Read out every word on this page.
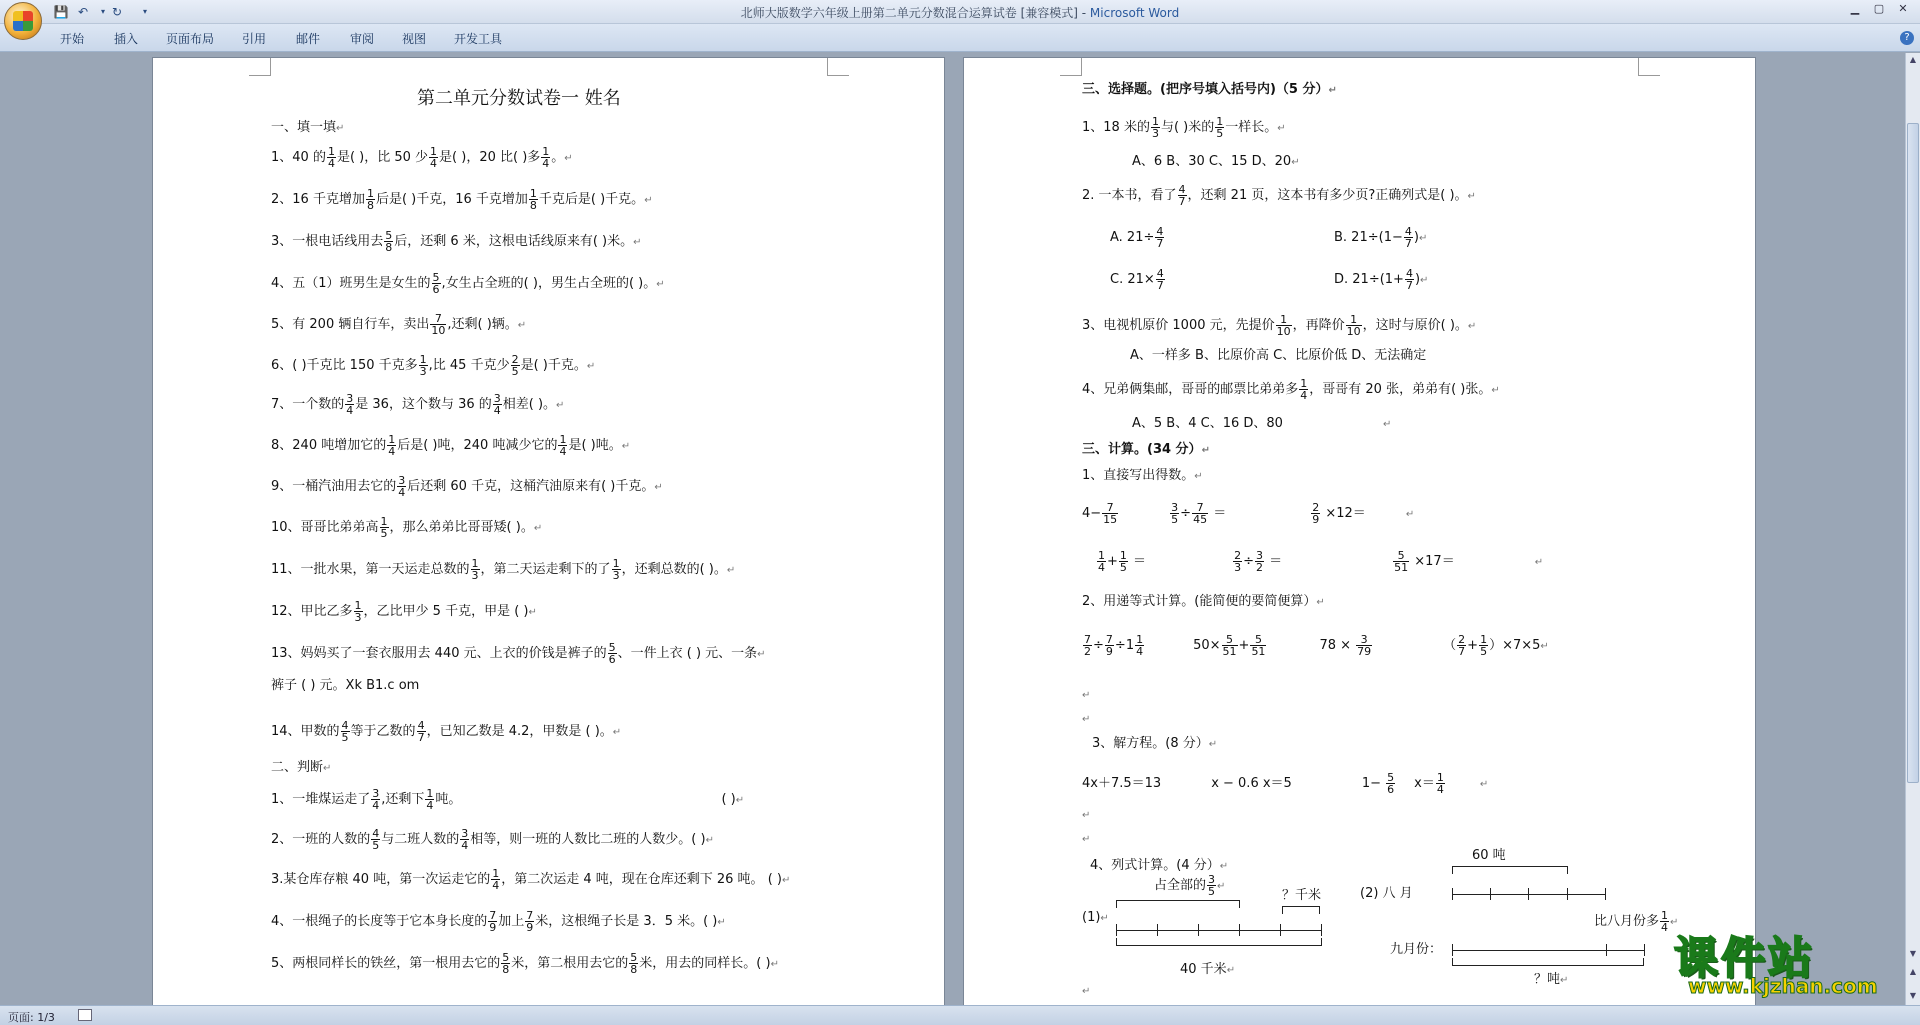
💾 ↶	▾ ↻	▾	北师大版数学六年级上册第二单元分数混合运算试卷 [兼容模式] - Microsoft Word	▁	▢	✕
开始 插入 页面布局 引用 邮件 审阅 视图 开发工具	?
第二单元分数试卷一 姓名
一、填一填↵
1、40 的 $\frac{1}{4}$ 是( )，比 50 少 $\frac{1}{4}$ 是( )，20 比( )多 $\frac{1}{4}$ 。↵
2、16 千克增加 $\frac{1}{8}$ 后是( )千克，16 千克增加 $\frac{1}{8}$ 千克后是( )千克。↵
3、一根电话线用去 $\frac{5}{8}$ 后，还剩 6 米，这根电话线原来有( )米。↵
4、五（1）班男生是女生的 $\frac{5}{6}$ ,女生占全班的( )，男生占全班的( )。↵
5、有 200 辆自行车，卖出 $\frac{7}{10}$ ,还剩( )辆。↵
6、( )千克比 150 千克多 $\frac{1}{3}$ ,比 45 千克少 $\frac{2}{5}$ 是( )千克。↵
7、一个数的 $\frac{3}{4}$ 是 36，这个数与 36 的 $\frac{3}{4}$ 相差( )。↵
8、240 吨增加它的 $\frac{1}{4}$ 后是( )吨，240 吨减少它的 $\frac{1}{4}$ 是( )吨。↵
9、一桶汽油用去它的 $\frac{3}{4}$ 后还剩 60 千克，这桶汽油原来有( )千克。↵
10、哥哥比弟弟高 $\frac{1}{5}$ ，那么弟弟比哥哥矮( )。↵
11、一批水果，第一天运走总数的 $\frac{1}{3}$ ，第二天运走剩下的了 $\frac{1}{3}$ ，还剩总数的( )。↵
12、甲比乙多 $\frac{1}{3}$ ，乙比甲少 5 千克，甲是 ( )↵
13、妈妈买了一套衣服用去 440 元、上衣的价钱是裤子的 $\frac{5}{6}$ 、一件上衣 ( ) 元、一条↵
裤子 ( ) 元。Xk B1.c om
14、甲数的 $\frac{4}{5}$ 等于乙数的 $\frac{4}{7}$ ，已知乙数是 4.2，甲数是 ( )。↵
二、判断↵
1、一堆煤运走了 $\frac{3}{4}$ ,还剩下 $\frac{1}{4}$ 吨。	( )↵
2、一班的人数的 $\frac{4}{5}$ 与二班人数的 $\frac{3}{4}$ 相等，则一班的人数比二班的人数少。( )↵
3.某仓库存粮 40 吨，第一次运走它的 $\frac{1}{4}$ ，第二次运走 4 吨，现在仓库还剩下 26 吨。 ( )↵
4、一根绳子的长度等于它本身长度的 $\frac{7}{9}$ 加上 $\frac{7}{9}$ 米，这根绳子长是 3．5 米。( )↵
5、两根同样长的铁丝，第一根用去它的 $\frac{5}{8}$ 米，第二根用去它的 $\frac{5}{8}$ 米，用去的同样长。( )↵
三、选择题。(把序号填入括号内)（5 分）↵
1、18 米的 $\frac{1}{3}$ 与( )米的 $\frac{1}{5}$ 一样长。↵
A、6 B、30 C、15 D、20↵
2. 一本书，看了 $\frac{4}{7}$ ，还剩 21 页，这本书有多少页?正确列式是( )。↵
A. $21\div \frac{4}{7}$	B. $21\div(1- \frac{4}{7}$ )↵
C. $21\times \frac{4}{7}$	D. $21\div(1+ \frac{4}{7}$ )↵
3、电视机原价 1000 元，先提价 $\frac{1}{10}$ ，再降价 $\frac{1}{10}$ ，这时与原价( )。↵
A、一样多 B、比原价高 C、比原价低 D、无法确定
4、兄弟俩集邮，哥哥的邮票比弟弟多 $\frac{1}{4}$ ，哥哥有 20 张，弟弟有( )张。↵
A、5 B、4 C、16 D、80	↵
三、计算。(34 分）↵
1、直接写出得数。↵
$4- \frac{7}{15}$	$\frac{3}{5} \div \frac{7}{45}$ ＝	$\frac{2}{9} \times 12=$	↵
$\frac{1}{4} + \frac{1}{5}$ ＝	$\frac{2}{3} \div \frac{3}{2}$ ＝	$\frac{5}{51} \times 17=$	↵
2、用递等式计算。(能简便的要简便算）↵
$\frac{7}{2} \div \frac{7}{9} \div 1 \frac{1}{4}$	$50\times \frac{5}{51} + \frac{5}{51}$	$78 \times \frac{3}{79}$	（ $\frac{2}{7} + \frac{1}{5}$ ）×7×5↵
↵
↵
3、解方程。(8 分）↵
4x＋7.5＝13	x − 0.6 x＝5	$1- \frac{5}{6} x= \frac{1}{4}$	↵
↵
↵
4、列式计算。(4 分）↵
占全部的 $\frac{3}{5}$ ↵
？千米
(1)↵
40 千米↵
↵
60 吨
(2) 八 月
比八月份多 $\frac{1}{4}$ ↵
九月份：
？吨↵
▲
▼
▲
▼
页面: 1/3
课件站
www.kjzhan.com
